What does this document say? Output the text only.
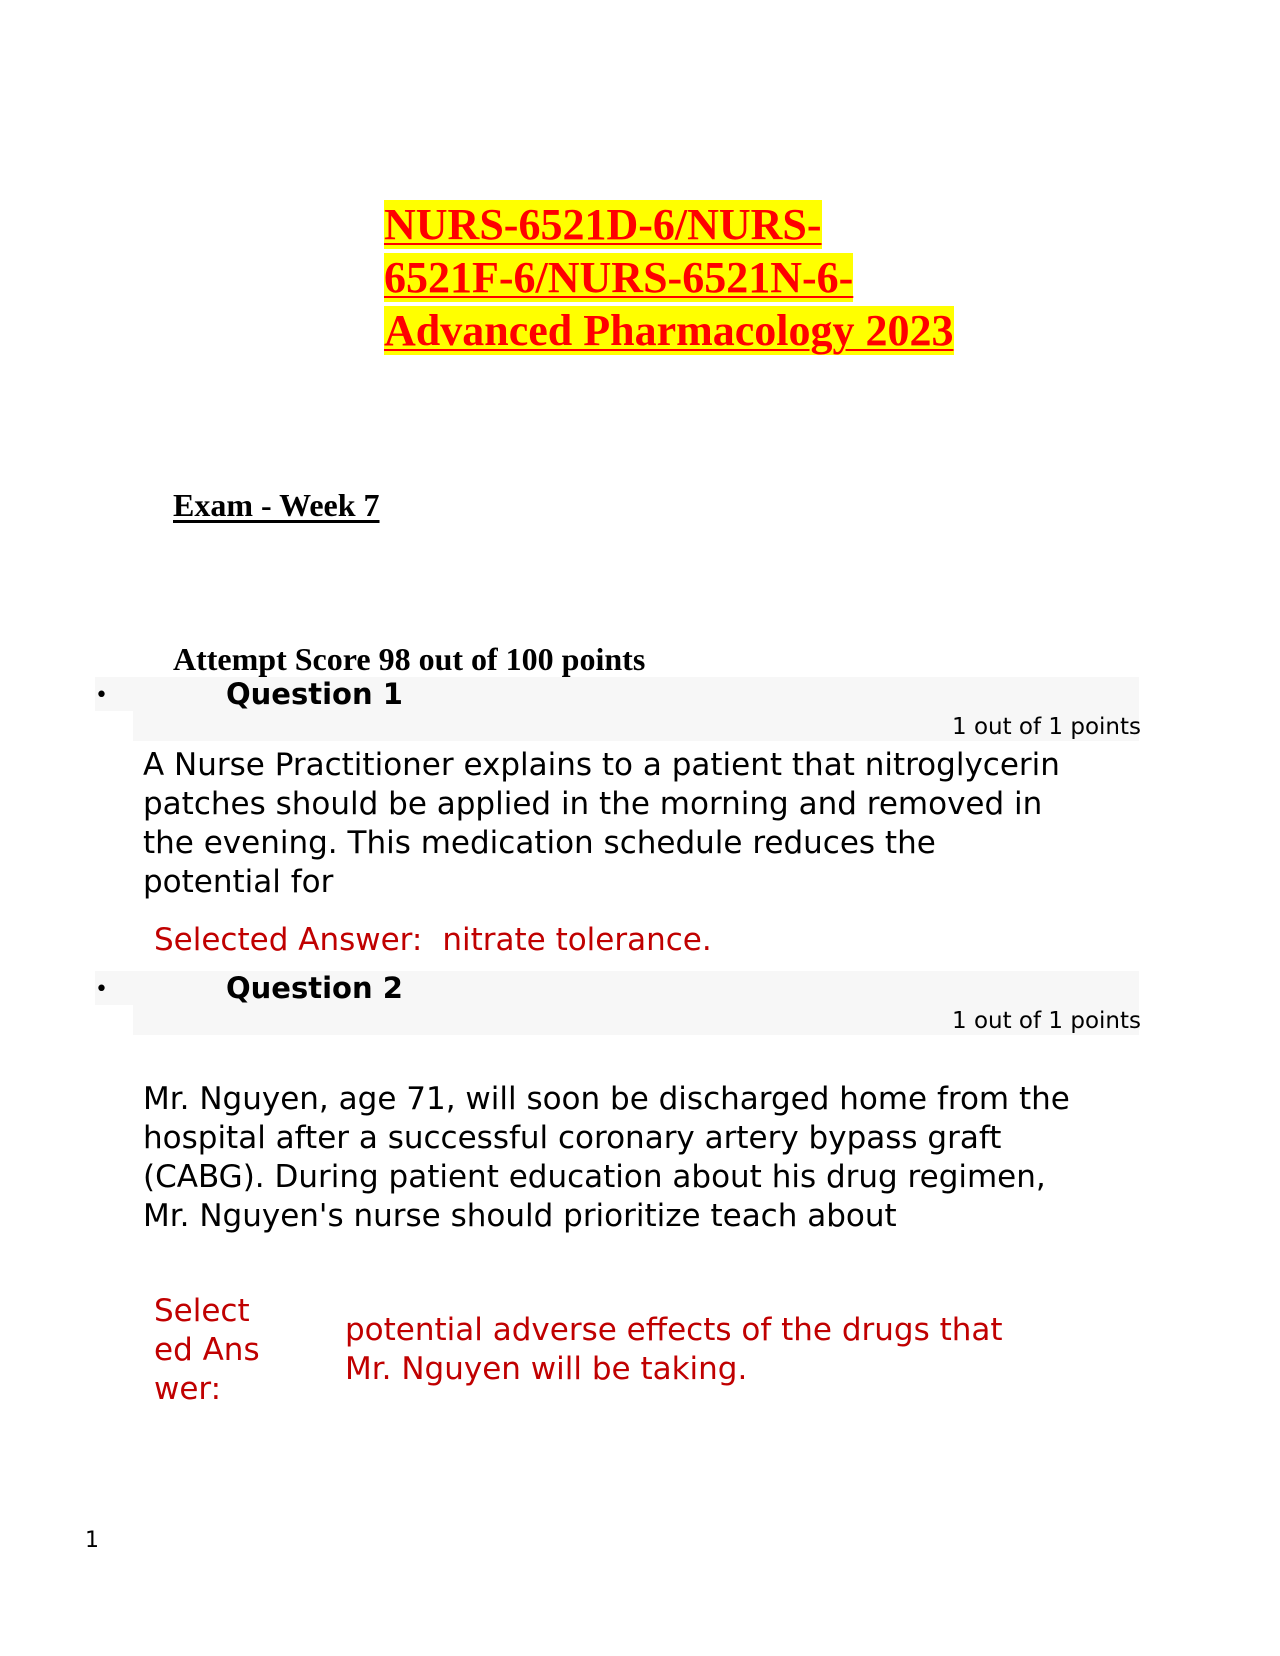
NURS-6521D-6/NURS-
6521F-6/NURS-6521N-6-
Advanced Pharmacology 2023
Exam - Week 7

Attempt Score 98 out of 100 points

•	Question 1
1 out of 1 points

A Nurse Practitioner explains to a patient that nitroglycerin patches should be applied in the morning and removed in the evening. This medication schedule reduces the potential for

Selected Answer: nitrate tolerance.

•	Question 2
1 out of 1 points

Mr. Nguyen, age 71, will soon be discharged home from the hospital after a successful coronary artery bypass graft (CABG). During patient education about his drug regimen, Mr. Nguyen's nurse should prioritize teach about

Selected Answer:
potential adverse effects of the drugs that Mr. Nguyen will be taking.

1
